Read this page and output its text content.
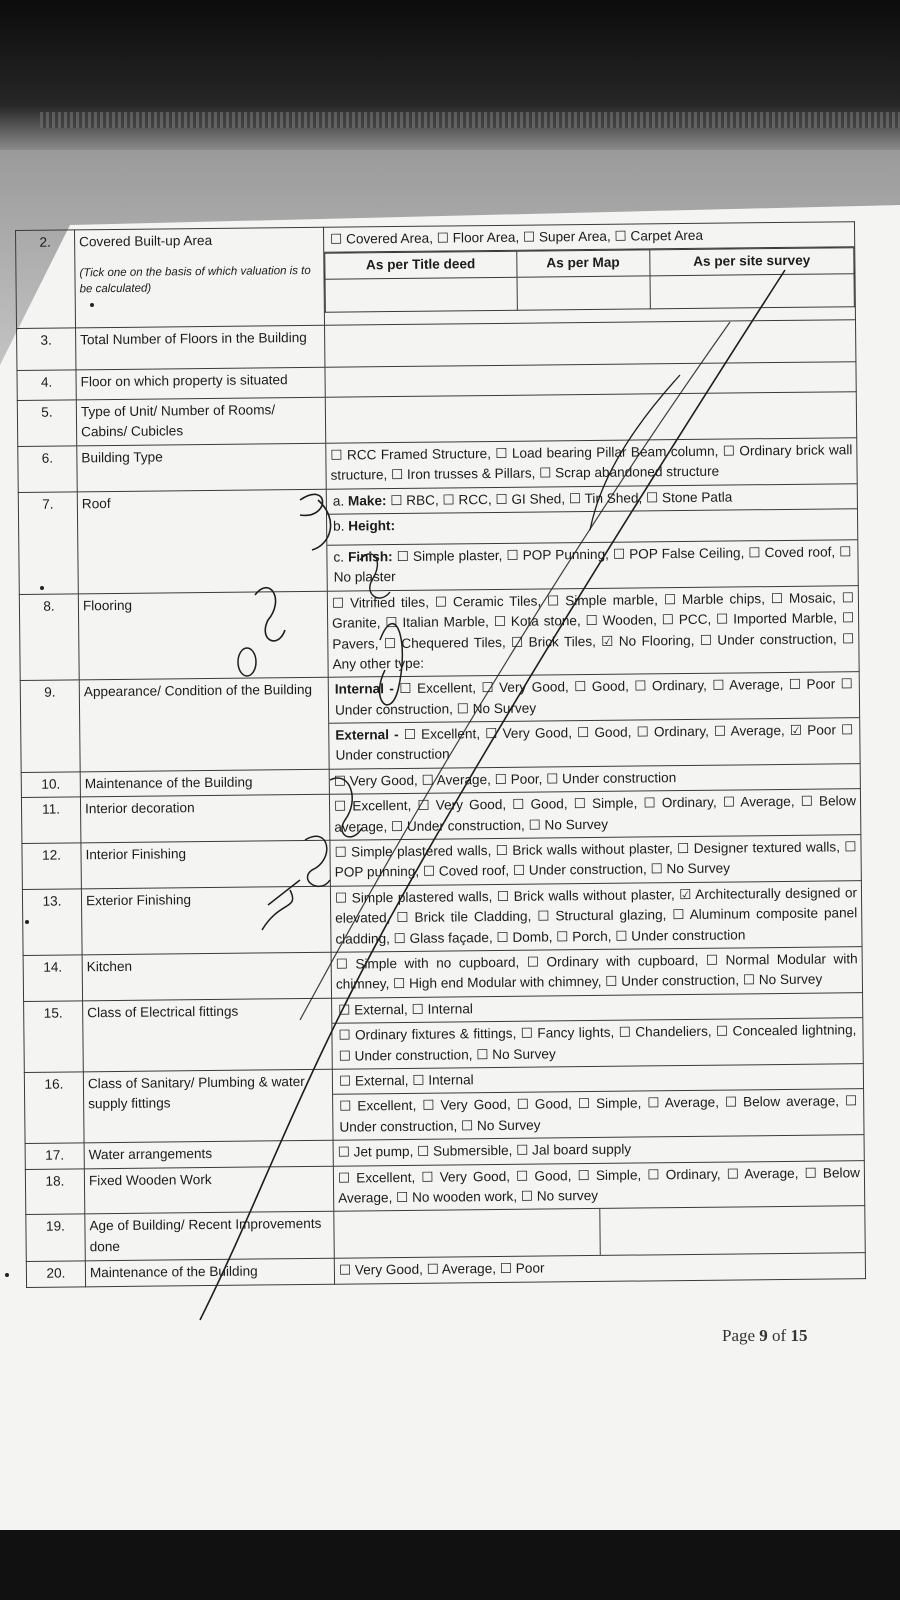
2.	Covered Built-up Area
(Tick one on the basis of which valuation is to be calculated)

☐ Covered Area, ☐ Floor Area, ☐ Super Area, ☐ Carpet Area
As per Title deed	As per Map	As per site survey

3.	Total Number of Floors in the Building	
4.	Floor on which property is situated	
5.	Type of Unit/ Number of Rooms/ Cabins/ Cubicles	
6.	Building Type	☐ RCC Framed Structure, ☐ Load bearing Pillar Beam column, ☐ Ordinary brick wall structure, ☐ Iron trusses & Pillars, ☐ Scrap abandoned structure
7.	Roof	a. Make: ☐ RBC, ☐ RCC, ☐ GI Shed, ☐ Tin Shed, ☐ Stone Patla
b. Height:
c. Finish: ☐ Simple plaster, ☐ POP Punning, ☐ POP False Ceiling, ☐ Coved roof, ☐ No plaster

8.	Flooring	☐ Vitrified tiles, ☐ Ceramic Tiles, ☐ Simple marble, ☐ Marble chips, ☐ Mosaic, ☐ Granite, ☐ Italian Marble, ☐ Kota stone, ☐ Wooden, ☐ PCC, ☐ Imported Marble, ☐ Pavers, ☐ Chequered Tiles, ☐ Brick Tiles, ☑ No Flooring, ☐ Under construction, ☐ Any other type:
9.	Appearance/ Condition of the Building	Internal - ☐ Excellent, ☐ Very Good, ☐ Good, ☐ Ordinary, ☐ Average, ☐ Poor ☐ Under construction, ☐ No Survey
External - ☐ Excellent, ☐ Very Good, ☐ Good, ☐ Ordinary, ☐ Average, ☑ Poor ☐ Under construction

10.	Maintenance of the Building	☐ Very Good, ☐ Average, ☐ Poor, ☐ Under construction
11.	Interior decoration	☐ Excellent, ☐ Very Good, ☐ Good, ☐ Simple, ☐ Ordinary, ☐ Average, ☐ Below average, ☐ Under construction, ☐ No Survey
12.	Interior Finishing	☐ Simple plastered walls, ☐ Brick walls without plaster, ☐ Designer textured walls, ☐ POP punning, ☐ Coved roof, ☐ Under construction, ☐ No Survey
13.	Exterior Finishing	☐ Simple plastered walls, ☐ Brick walls without plaster, ☑ Architecturally designed or elevated, ☐ Brick tile Cladding, ☐ Structural glazing, ☐ Aluminum composite panel cladding, ☐ Glass façade, ☐ Domb, ☐ Porch, ☐ Under construction
14.	Kitchen	☐ Simple with no cupboard, ☐ Ordinary with cupboard, ☐ Normal Modular with chimney, ☐ High end Modular with chimney, ☐ Under construction, ☐ No Survey
15.	Class of Electrical fittings	☐ External, ☐ Internal
☐ Ordinary fixtures & fittings, ☐ Fancy lights, ☐ Chandeliers, ☐ Concealed lightning, ☐ Under construction, ☐ No Survey

16.	Class of Sanitary/ Plumbing & water supply fittings	
☐ External, ☐ Internal
☐ Excellent, ☐ Very Good, ☐ Good, ☐ Simple, ☐ Average, ☐ Below average, ☐ Under construction, ☐ No Survey

17.	Water arrangements	☐ Jet pump, ☐ Submersible, ☐ Jal board supply
18.	Fixed Wooden Work	☐ Excellent, ☐ Very Good, ☐ Good, ☐ Simple, ☐ Ordinary, ☐ Average, ☐ Below Average, ☐ No wooden work, ☐ No survey
19.	Age of Building/ Recent Improvements done	

20.	Maintenance of the Building	☐ Very Good, ☐ Average, ☐ Poor
Page 9 of 15
